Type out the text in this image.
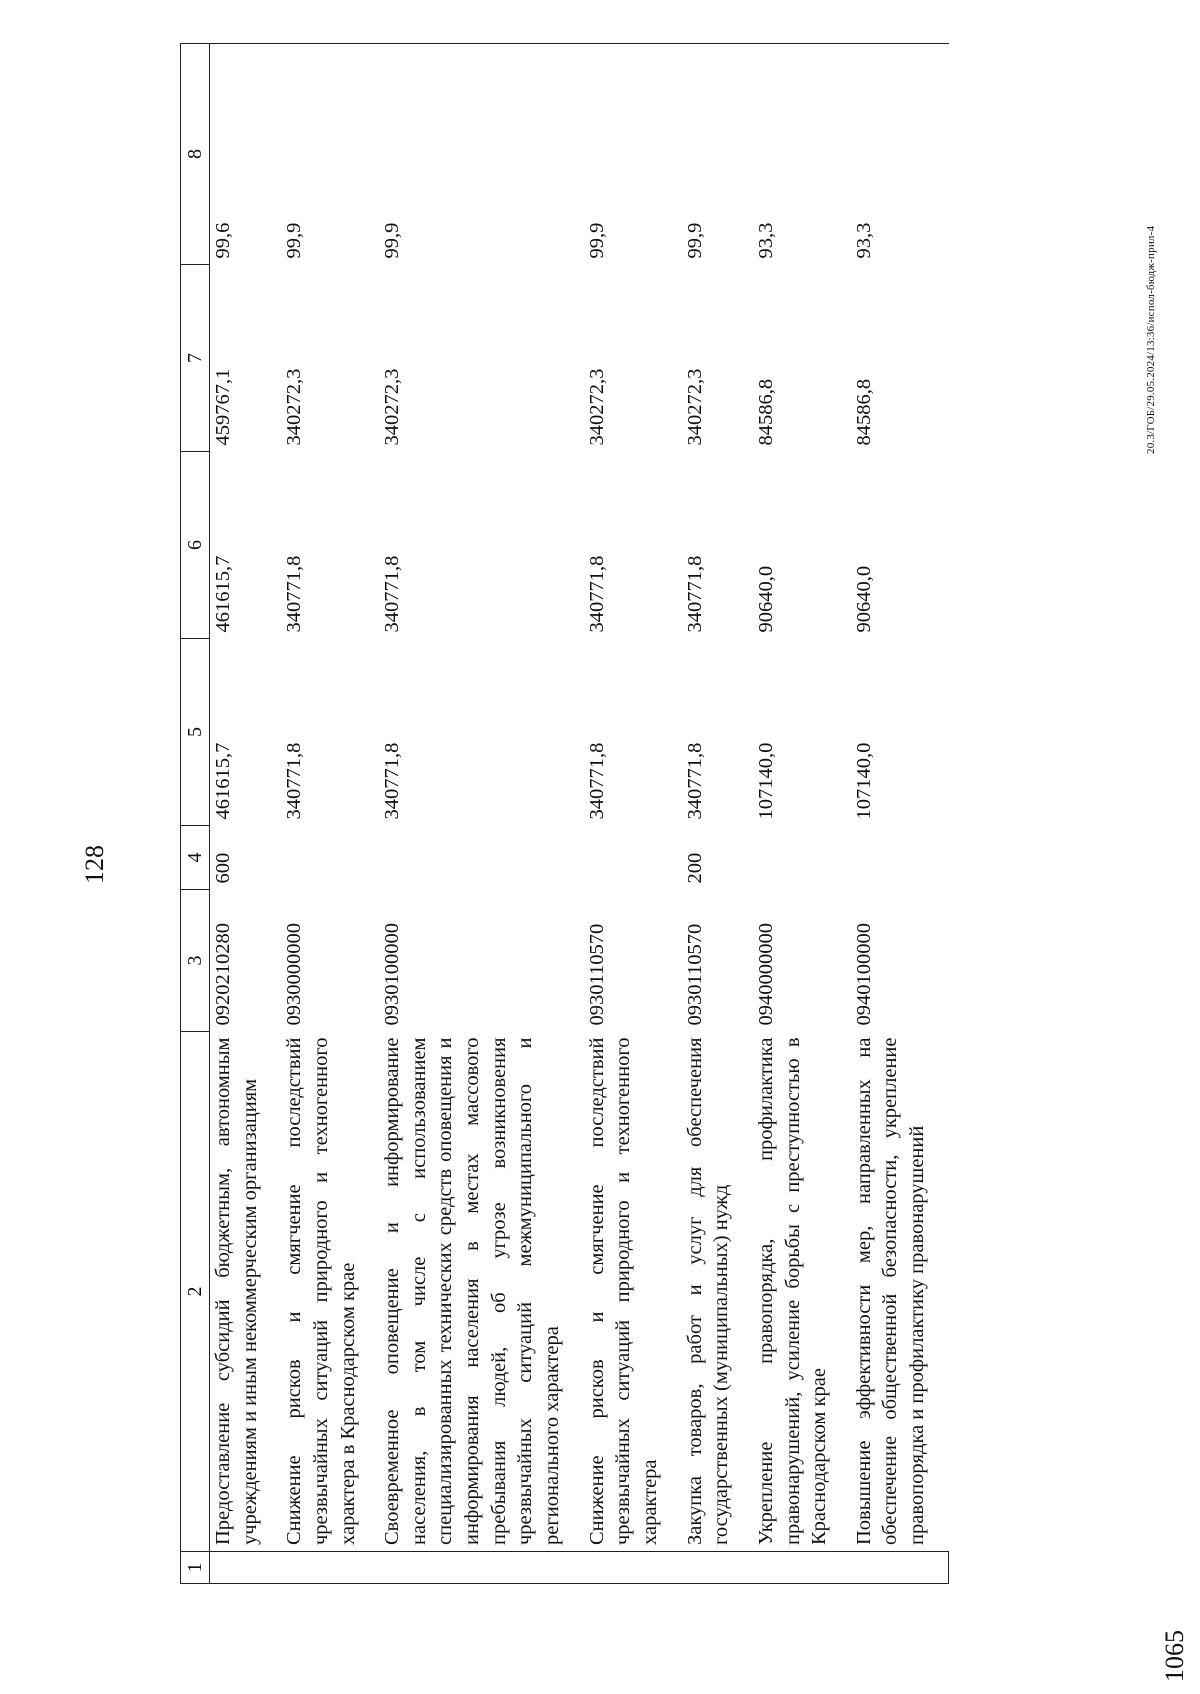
128
1	2	3	4	5	6	7	8
	Предоставление субсидий бюджетным, автономным учреждениям и иным некоммерческим организациям	0920210280	600	461615,7	461615,7	459767,1	99,6
	Снижение рисков и смягчение последствий чрезвычайных ситуаций природного и техногенного характера в Краснодарском крае	0930000000		340771,8	340771,8	340272,3	99,9
	Своевременное оповещение и информирование населения, в том числе с использованием специализированных технических средств оповещения и информирования населения в местах массового пребывания людей, об угрозе возникновения чрезвычайных ситуаций межмуниципального и регионального характера	0930100000		340771,8	340771,8	340272,3	99,9
	Снижение рисков и смягчение последствий чрезвычайных ситуаций природного и техногенного характера	0930110570		340771,8	340771,8	340272,3	99,9
	Закупка товаров, работ и услуг для обеспечения государственных (муниципальных) нужд	0930110570	200	340771,8	340771,8	340272,3	99,9
	Укрепление правопорядка, профилактика правонарушений, усиление борьбы с преступностью в Краснодарском крае	0940000000		107140,0	90640,0	84586,8	93,3
	Повышение эффективности мер, направленных на обеспечение общественной безопасности, укрепление правопорядка и профилактику правонарушений	0940100000		107140,0	90640,0	84586,8	93,3	20.3/ГОБ/29.05.2024/13:36/испол-бюдж-прил-4
1065
